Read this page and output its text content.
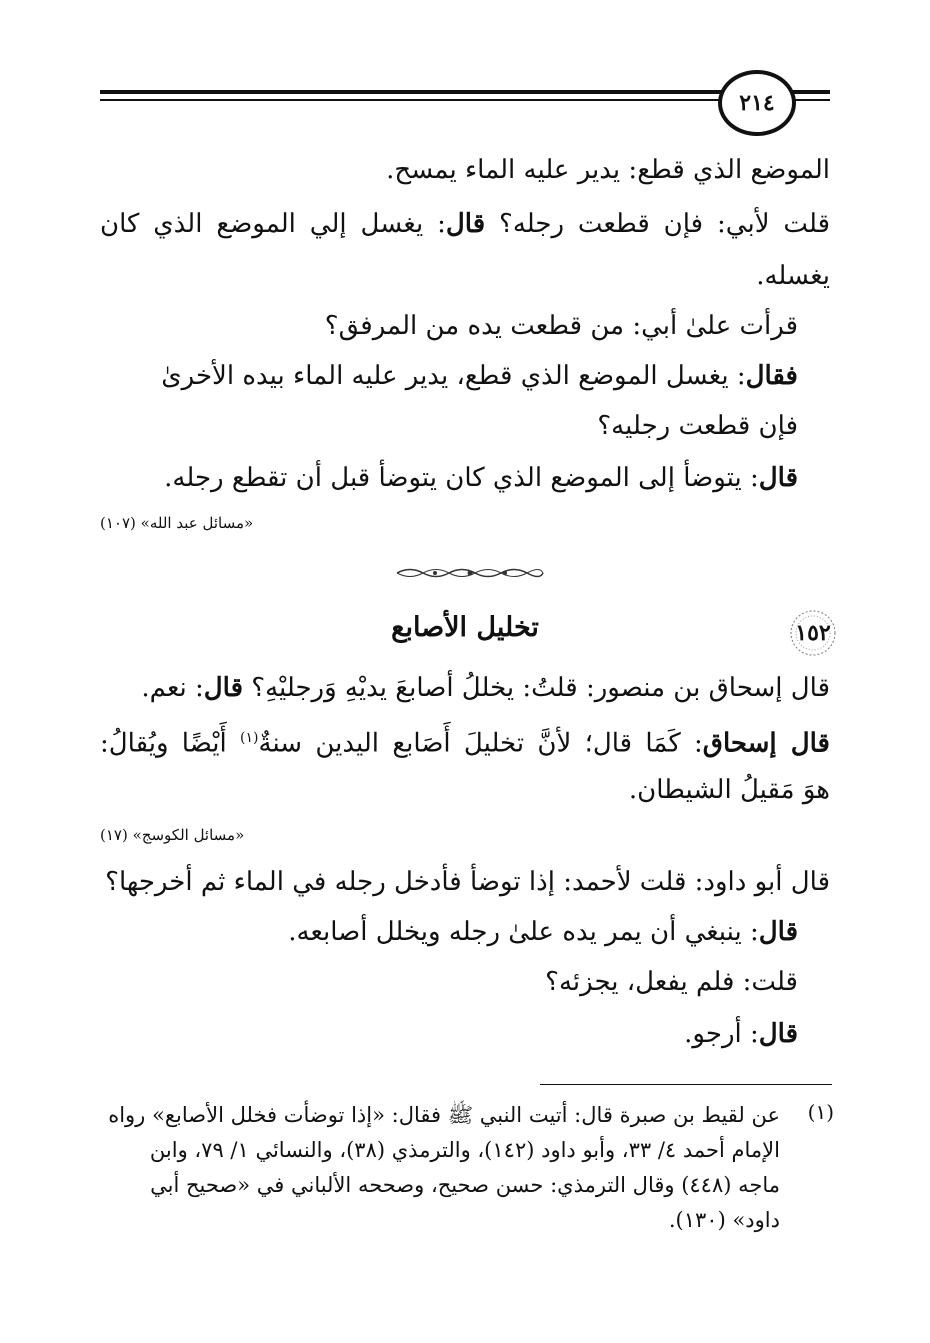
٢١٤
الموضع الذي قطع: يدير عليه الماء يمسح.
قلت لأبي: فإن قطعت رجله؟ قال: يغسل إلي الموضع الذي كان
يغسله.
قرأت علىٰ أبي: من قطعت يده من المرفق؟
فقال: يغسل الموضع الذي قطع، يدير عليه الماء بيده الأخرىٰ
فإن قطعت رجليه؟
قال: يتوضأ إلى الموضع الذي كان يتوضأ قبل أن تقطع رجله.
«مسائل عبد الله» (١٠٧)
١٥٢
تخليل الأصابع
قال إسحاق بن منصور: قلتُ: يخللُ أصابعَ يديْهِ وَرجليْهِ؟ قال: نعم.
قال إسحاق: كَمَا قال؛ لأنَّ تخليلَ أَصَابع اليدين سنةٌ$^{(١)}$ أَيْضًا ويُقالُ:
هوَ مَقيلُ الشيطان.
«مسائل الكوسج» (١٧)
قال أبو داود: قلت لأحمد: إذا توضأ فأدخل رجله في الماء ثم أخرجها؟
قال: ينبغي أن يمر يده علىٰ رجله ويخلل أصابعه.
قلت: فلم يفعل، يجزئه؟
قال: أرجو.
(١)
عن لقيط بن صبرة قال: أتيت النبي ﷺ فقال: «إذا توضأت فخلل الأصابع» رواه
الإمام أحمد ٤/ ٣٣، وأبو داود (١٤٢)، والترمذي (٣٨)، والنسائي ١/ ٧٩، وابن
ماجه (٤٤٨) وقال الترمذي: حسن صحيح، وصححه الألباني في «صحيح أبي
داود» (١٣٠).
